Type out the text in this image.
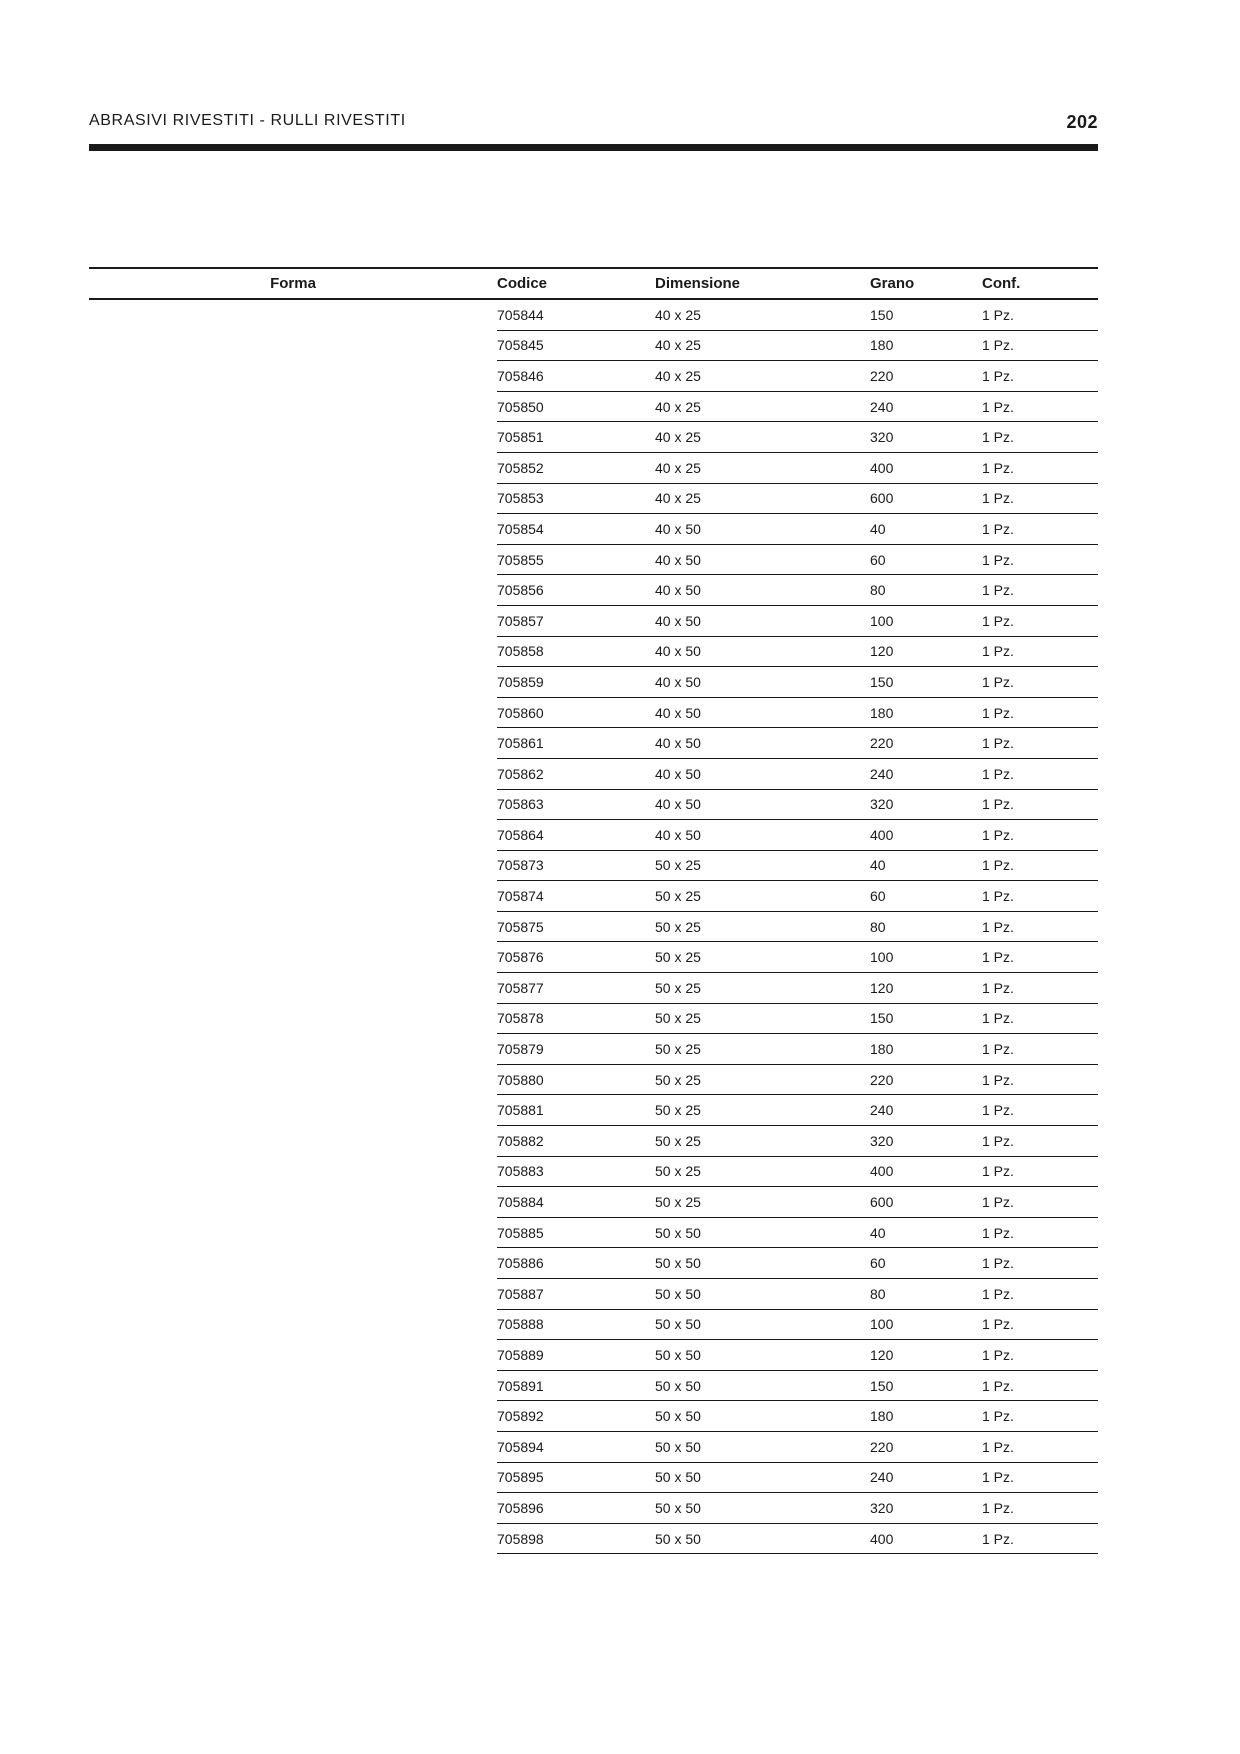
ABRASIVI RIVESTITI - RULLI RIVESTITI	202
Forma	Codice	Dimensione	Grano	Conf.
	705844	40 x 25	150	1 Pz.
	705845	40 x 25	180	1 Pz.
	705846	40 x 25	220	1 Pz.
	705850	40 x 25	240	1 Pz.
	705851	40 x 25	320	1 Pz.
	705852	40 x 25	400	1 Pz.
	705853	40 x 25	600	1 Pz.
	705854	40 x 50	40	1 Pz.
	705855	40 x 50	60	1 Pz.
	705856	40 x 50	80	1 Pz.
	705857	40 x 50	100	1 Pz.
	705858	40 x 50	120	1 Pz.
	705859	40 x 50	150	1 Pz.
	705860	40 x 50	180	1 Pz.
	705861	40 x 50	220	1 Pz.
	705862	40 x 50	240	1 Pz.
	705863	40 x 50	320	1 Pz.
	705864	40 x 50	400	1 Pz.
	705873	50 x 25	40	1 Pz.
	705874	50 x 25	60	1 Pz.
	705875	50 x 25	80	1 Pz.
	705876	50 x 25	100	1 Pz.
	705877	50 x 25	120	1 Pz.
	705878	50 x 25	150	1 Pz.
	705879	50 x 25	180	1 Pz.
	705880	50 x 25	220	1 Pz.
	705881	50 x 25	240	1 Pz.
	705882	50 x 25	320	1 Pz.
	705883	50 x 25	400	1 Pz.
	705884	50 x 25	600	1 Pz.
	705885	50 x 50	40	1 Pz.
	705886	50 x 50	60	1 Pz.
	705887	50 x 50	80	1 Pz.
	705888	50 x 50	100	1 Pz.
	705889	50 x 50	120	1 Pz.
	705891	50 x 50	150	1 Pz.
	705892	50 x 50	180	1 Pz.
	705894	50 x 50	220	1 Pz.
	705895	50 x 50	240	1 Pz.
	705896	50 x 50	320	1 Pz.
	705898	50 x 50	400	1 Pz.
